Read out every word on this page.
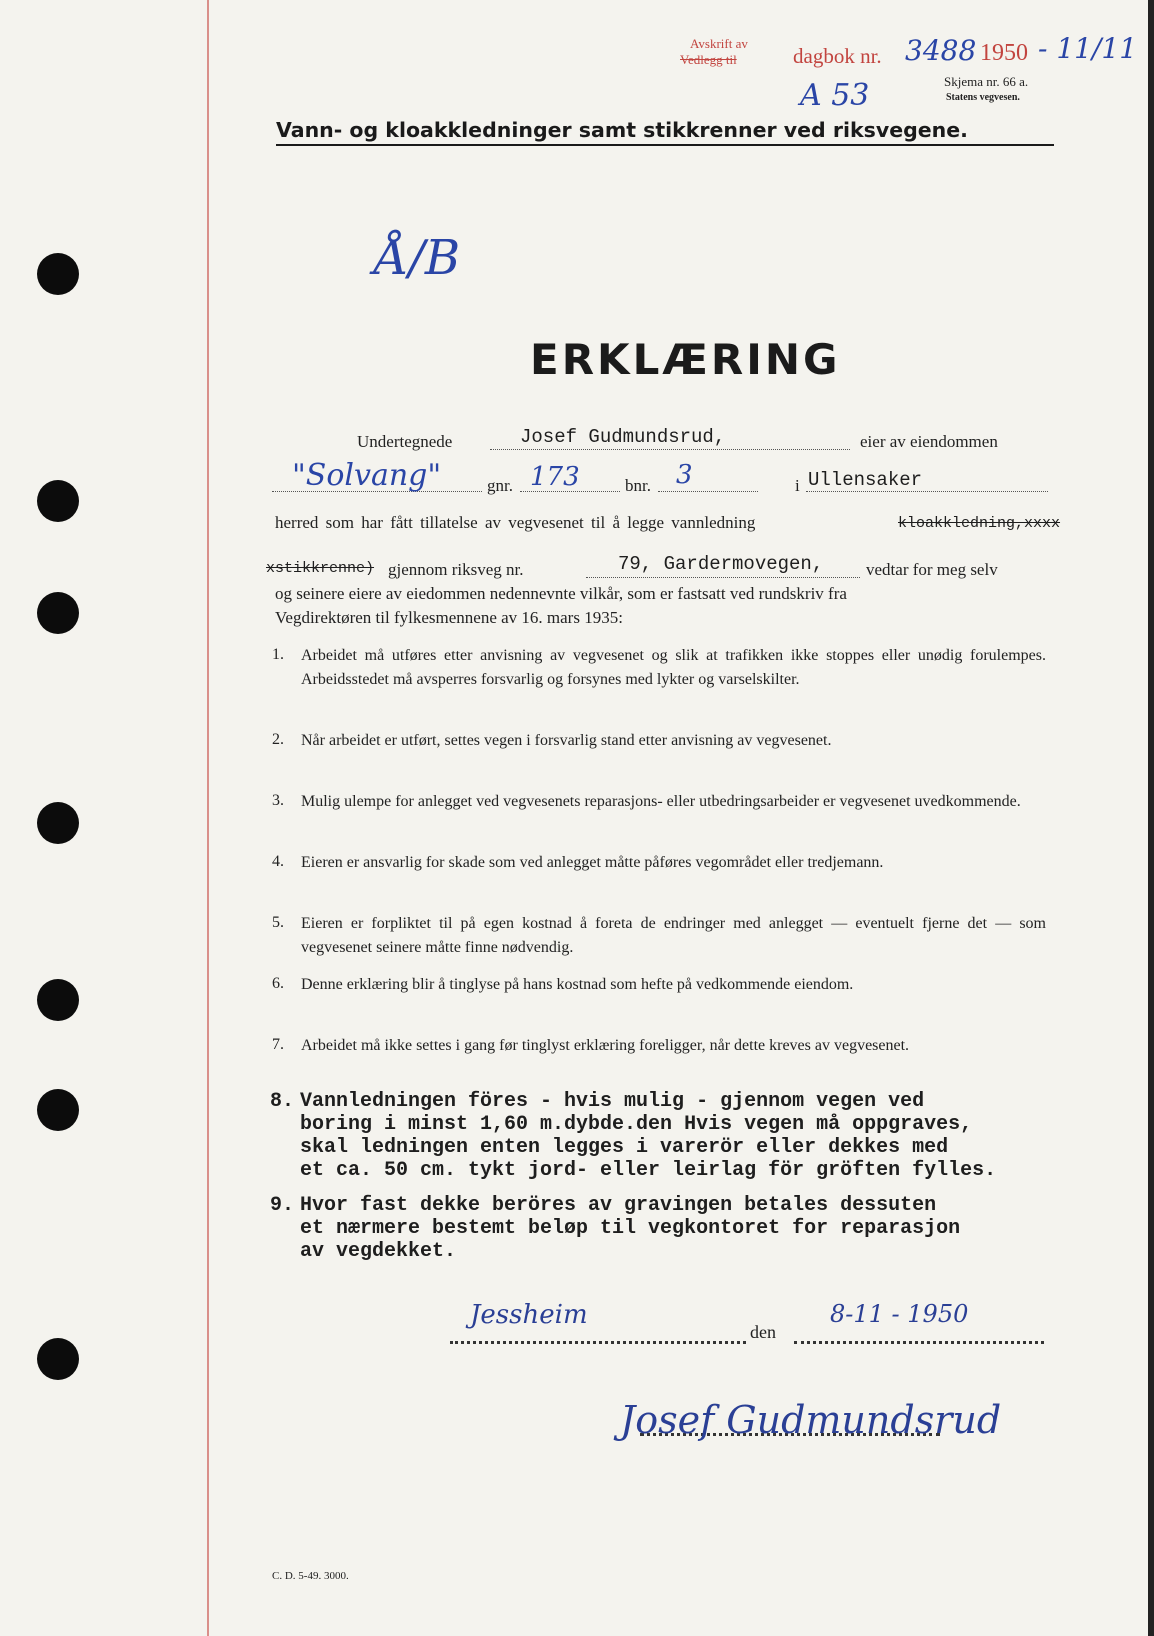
Avskrift av
Vedlegg til	dagbok nr. 3488 1950 - 11/11
A 53	Skjema nr. 66 a.
Statens vegvesen.
Vann- og kloakkledninger samt stikkrenner ved riksvegene.
Å/B
ERKLÆRING
Undertegnede	Josef Gudmundsrud,	eier av eiendommen
"Solvang"	gnr. 173	bnr. 3	i Ullensaker
herred som har fått tillatelse av vegvesenet til å legge vannledning	kloakkledning,xxxx
xstikkrenne) gjennom riksveg nr.	79, Gardermovegen,	vedtar for meg selv
og seinere eiere av eiedommen nedennevnte vilkår, som er fastsatt ved rundskriv fra
Vegdirektøren til fylkesmennene av 16. mars 1935:
1. Arbeidet må utføres etter anvisning av vegvesenet og slik at trafikken ikke stoppes eller unødig forulempes. Arbeidsstedet må avsperres forsvarlig og forsynes med lykter og varselskilter.
2. Når arbeidet er utført, settes vegen i forsvarlig stand etter anvisning av vegvesenet.
3. Mulig ulempe for anlegget ved vegvesenets reparasjons- eller utbedringsarbeider er vegvesenet uvedkommende.
4. Eieren er ansvarlig for skade som ved anlegget måtte påføres vegområdet eller tredjemann.
5. Eieren er forpliktet til på egen kostnad å foreta de endringer med anlegget — eventuelt fjerne det — som vegvesenet seinere måtte finne nødvendig.
6. Denne erklæring blir å tinglyse på hans kostnad som hefte på vedkommende eiendom.
7. Arbeidet må ikke settes i gang før tinglyst erklæring foreligger, når dette kreves av vegvesenet.
8. Vannledningen föres - hvis mulig - gjennom vegen ved
boring i minst 1,60 m.dybde.den Hvis vegen må oppgraves,
skal ledningen enten legges i varerör eller dekkes med
et ca. 50 cm. tykt jord- eller leirlag för gröften fylles.
9. Hvor fast dekke beröres av gravingen betales dessuten
et nærmere bestemt beløp til vegkontoret for reparasjon
av vegdekket.
Jessheim
den
8-11 - 1950
Josef Gudmundsrud
C. D. 5-49. 3000.
